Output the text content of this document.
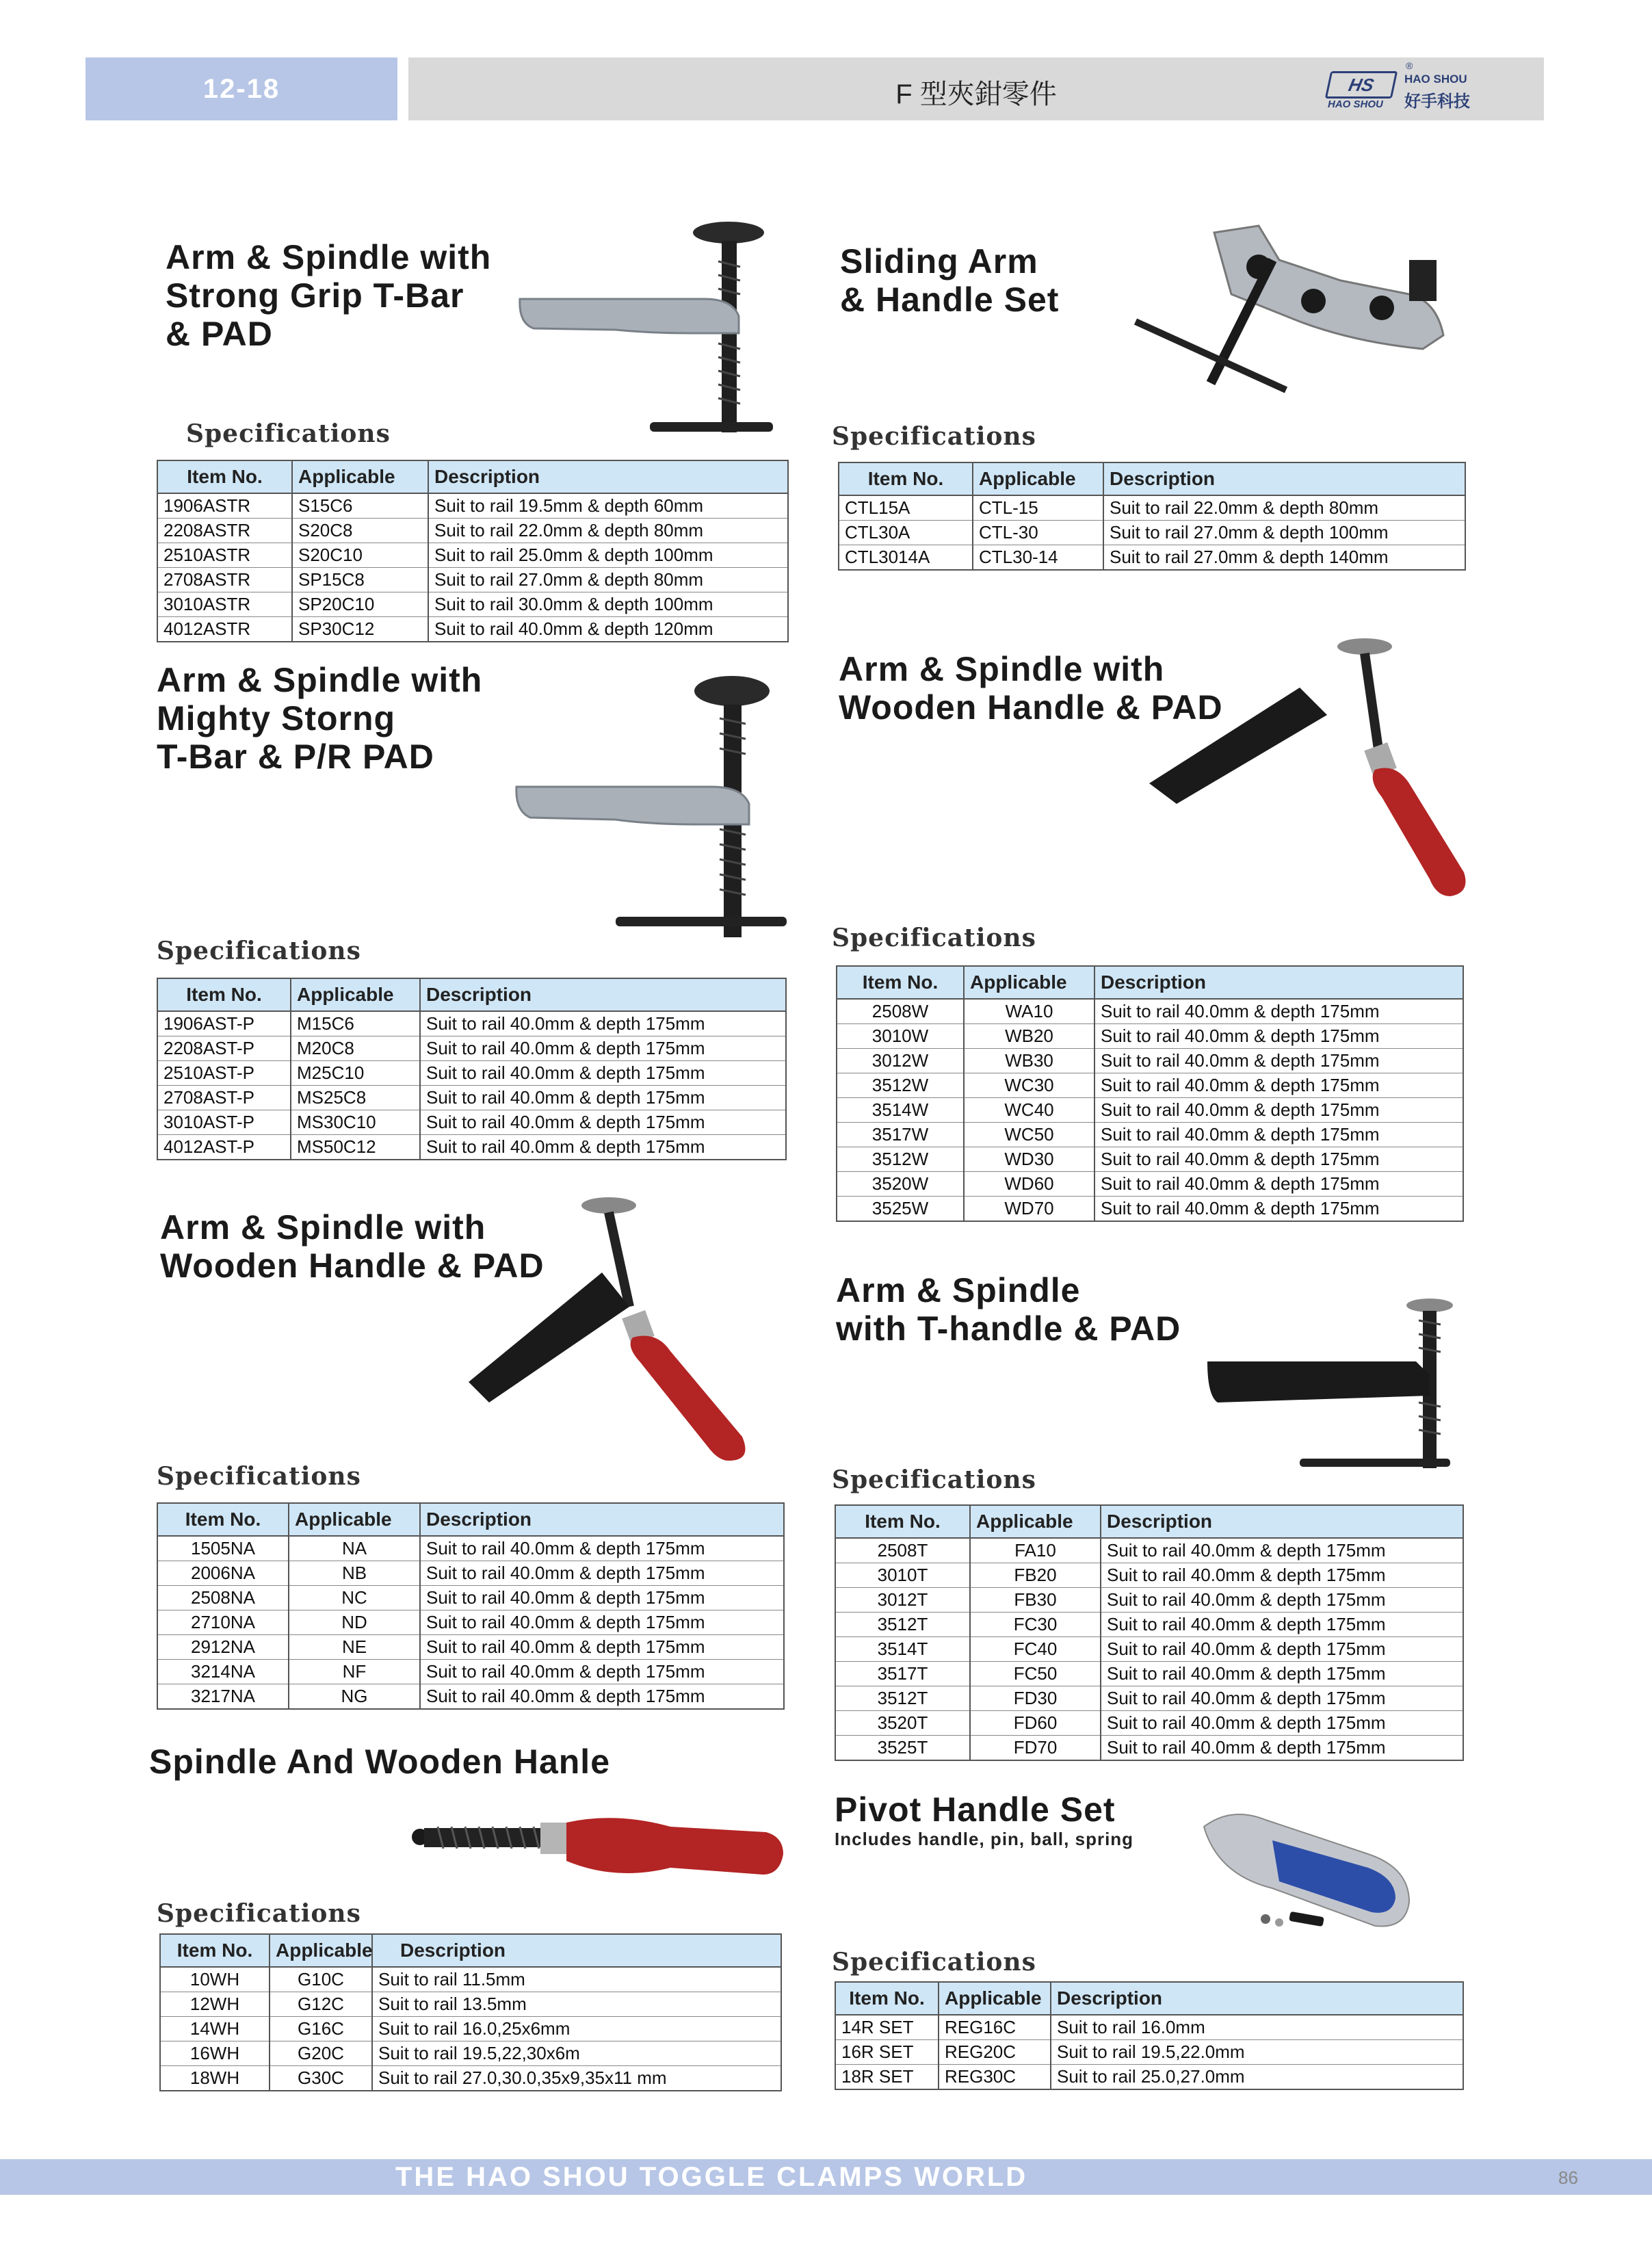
12-18	F 型夾鉗零件	HS
®
HAO SHOU
好手科技
HAO SHOU
Arm & Spindle with
Strong Grip T-Bar
& PAD
Specifications
Item No.	Applicable	Description
1906ASTR	S15C6	Suit to rail 19.5mm & depth 60mm
2208ASTR	S20C8	Suit to rail 22.0mm & depth 80mm
2510ASTR	S20C10	Suit to rail 25.0mm & depth 100mm
2708ASTR	SP15C8	Suit to rail 27.0mm & depth 80mm
3010ASTR	SP20C10	Suit to rail 30.0mm & depth 100mm
4012ASTR	SP30C12	Suit to rail 40.0mm & depth 120mm
Sliding Arm
& Handle Set
Specifications
Item No.	Applicable	Description
CTL15A	CTL-15	Suit to rail 22.0mm & depth 80mm
CTL30A	CTL-30	Suit to rail 27.0mm & depth 100mm
CTL3014A	CTL30-14	Suit to rail 27.0mm & depth 140mm
Arm & Spindle with
Mighty Storng
T-Bar & P/R PAD
Specifications
Item No.	Applicable	Description
1906AST-P	M15C6	Suit to rail 40.0mm & depth 175mm
2208AST-P	M20C8	Suit to rail 40.0mm & depth 175mm
2510AST-P	M25C10	Suit to rail 40.0mm & depth 175mm
2708AST-P	MS25C8	Suit to rail 40.0mm & depth 175mm
3010AST-P	MS30C10	Suit to rail 40.0mm & depth 175mm
4012AST-P	MS50C12	Suit to rail 40.0mm & depth 175mm
Arm & Spindle with
Wooden Handle & PAD
Specifications
Item No.	Applicable	Description
2508W	WA10	Suit to rail 40.0mm & depth 175mm
3010W	WB20	Suit to rail 40.0mm & depth 175mm
3012W	WB30	Suit to rail 40.0mm & depth 175mm
3512W	WC30	Suit to rail 40.0mm & depth 175mm
3514W	WC40	Suit to rail 40.0mm & depth 175mm
3517W	WC50	Suit to rail 40.0mm & depth 175mm
3512W	WD30	Suit to rail 40.0mm & depth 175mm
3520W	WD60	Suit to rail 40.0mm & depth 175mm
3525W	WD70	Suit to rail 40.0mm & depth 175mm
Arm & Spindle with
Wooden Handle & PAD
Specifications
Item No.	Applicable	Description
1505NA	NA	Suit to rail 40.0mm & depth 175mm
2006NA	NB	Suit to rail 40.0mm & depth 175mm
2508NA	NC	Suit to rail 40.0mm & depth 175mm
2710NA	ND	Suit to rail 40.0mm & depth 175mm
2912NA	NE	Suit to rail 40.0mm & depth 175mm
3214NA	NF	Suit to rail 40.0mm & depth 175mm
3217NA	NG	Suit to rail 40.0mm & depth 175mm
Arm & Spindle
with T-handle & PAD
Specifications
Item No.	Applicable	Description
2508T	FA10	Suit to rail 40.0mm & depth 175mm
3010T	FB20	Suit to rail 40.0mm & depth 175mm
3012T	FB30	Suit to rail 40.0mm & depth 175mm
3512T	FC30	Suit to rail 40.0mm & depth 175mm
3514T	FC40	Suit to rail 40.0mm & depth 175mm
3517T	FC50	Suit to rail 40.0mm & depth 175mm
3512T	FD30	Suit to rail 40.0mm & depth 175mm
3520T	FD60	Suit to rail 40.0mm & depth 175mm
3525T	FD70	Suit to rail 40.0mm & depth 175mm
Spindle And Wooden Hanle
Specifications
Item No.	Applicable	Description
10WH	G10C	Suit to rail 11.5mm
12WH	G12C	Suit to rail 13.5mm
14WH	G16C	Suit to rail 16.0,25x6mm
16WH	G20C	Suit to rail 19.5,22,30x6m
18WH	G30C	Suit to rail 27.0,30.0,35x9,35x11 mm
Pivot Handle Set
Includes handle, pin, ball, spring
Specifications
Item No.	Applicable	Description
14R SET	REG16C	Suit to rail 16.0mm
16R SET	REG20C	Suit to rail 19.5,22.0mm
18R SET	REG30C	Suit to rail 25.0,27.0mm
THE HAO SHOU TOGGLE CLAMPS WORLD	86
